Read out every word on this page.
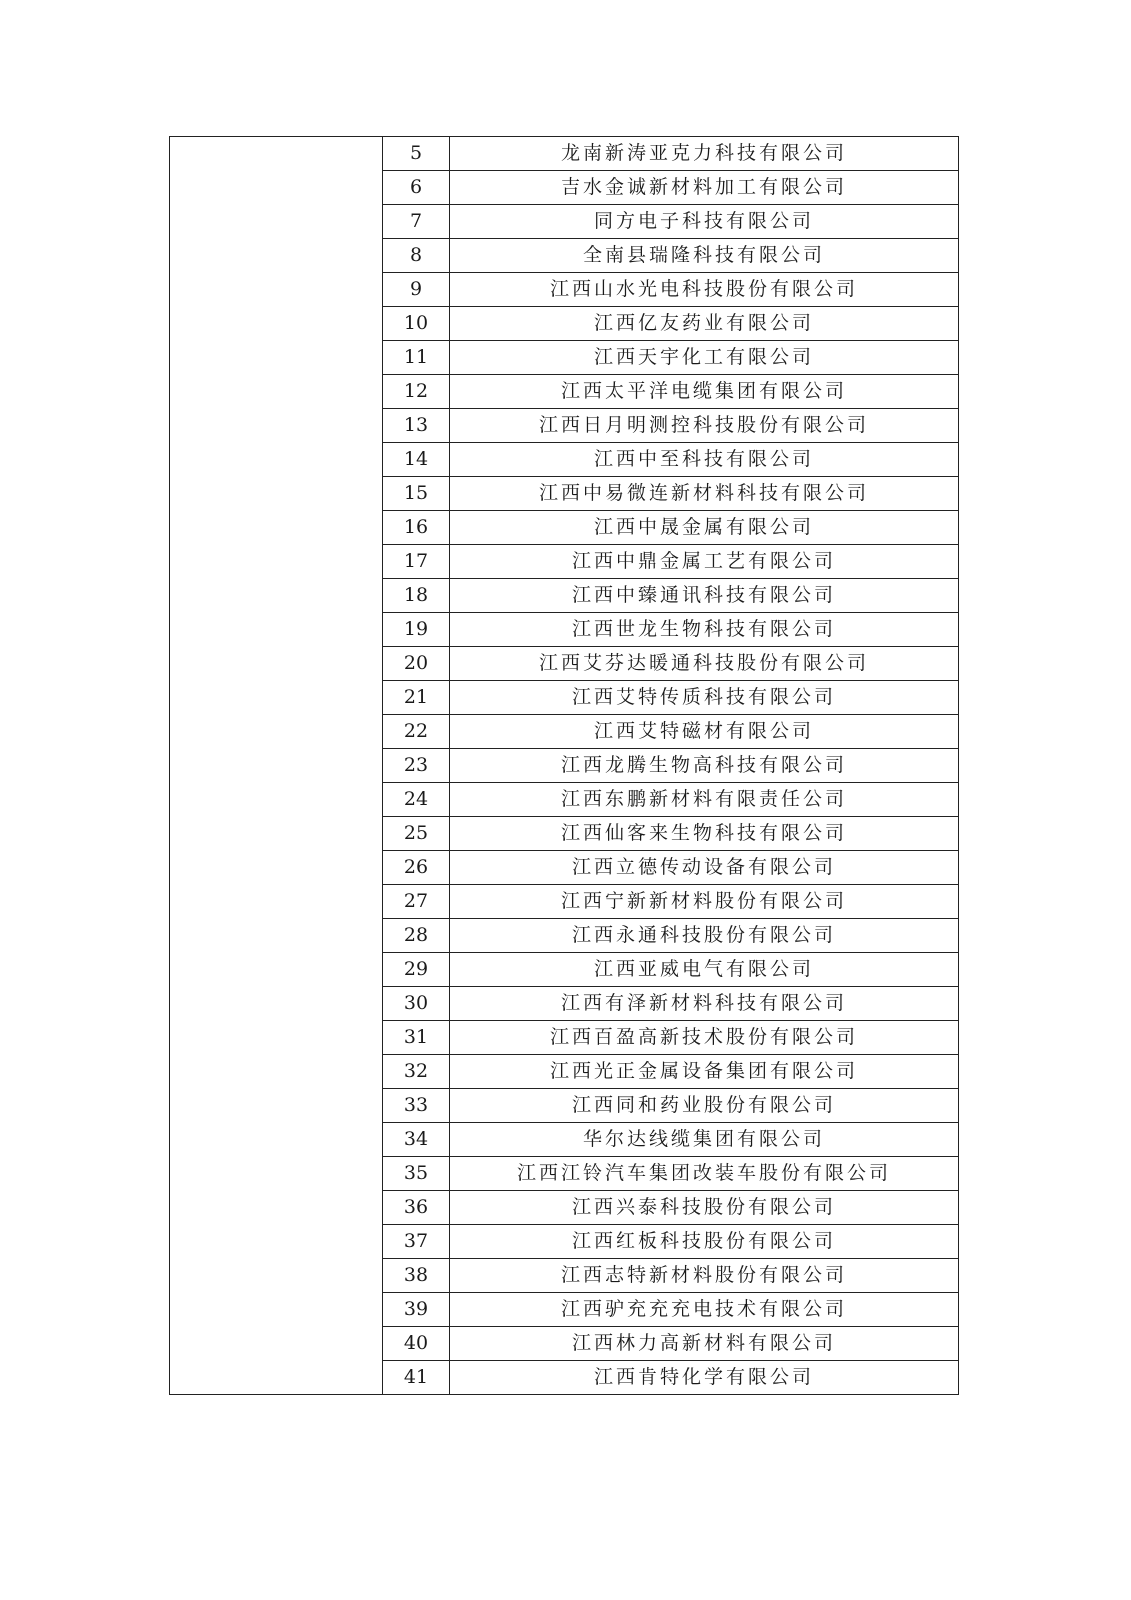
	5	龙南新涛亚克力科技有限公司
	6	吉水金诚新材料加工有限公司
	7	同方电子科技有限公司
	8	全南县瑞隆科技有限公司
	9	江西山水光电科技股份有限公司
	10	江西亿友药业有限公司
	11	江西天宇化工有限公司
	12	江西太平洋电缆集团有限公司
	13	江西日月明测控科技股份有限公司
	14	江西中至科技有限公司
	15	江西中易微连新材料科技有限公司
	16	江西中晟金属有限公司
	17	江西中鼎金属工艺有限公司
	18	江西中臻通讯科技有限公司
	19	江西世龙生物科技有限公司
	20	江西艾芬达暖通科技股份有限公司
	21	江西艾特传质科技有限公司
	22	江西艾特磁材有限公司
	23	江西龙腾生物高科技有限公司
	24	江西东鹏新材料有限责任公司
	25	江西仙客来生物科技有限公司
	26	江西立德传动设备有限公司
	27	江西宁新新材料股份有限公司
	28	江西永通科技股份有限公司
	29	江西亚威电气有限公司
	30	江西有泽新材料科技有限公司
	31	江西百盈高新技术股份有限公司
	32	江西光正金属设备集团有限公司
	33	江西同和药业股份有限公司
	34	华尔达线缆集团有限公司
	35	江西江铃汽车集团改装车股份有限公司
	36	江西兴泰科技股份有限公司
	37	江西红板科技股份有限公司
	38	江西志特新材料股份有限公司
	39	江西驴充充充电技术有限公司
	40	江西林力高新材料有限公司
	41	江西肯特化学有限公司
